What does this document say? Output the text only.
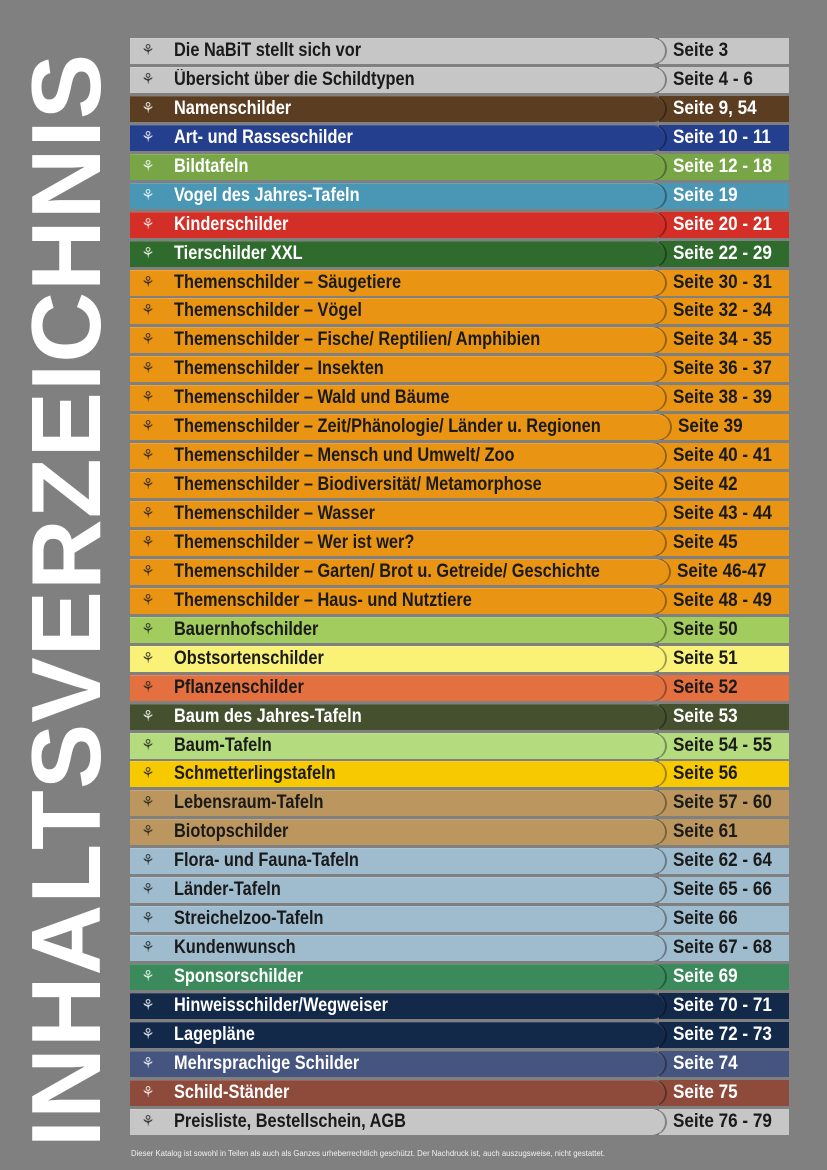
INHALTSVERZEICHNIS
⚘	Die NaBiT stellt sich vor	Seite 3
⚘	Übersicht über die Schildtypen	Seite 4 - 6
⚘	Namenschilder	Seite 9, 54
⚘	Art- und Rasseschilder	Seite 10 - 11
⚘	Bildtafeln	Seite 12 - 18
⚘	Vogel des Jahres-Tafeln	Seite 19
⚘	Kinderschilder	Seite 20 - 21
⚘	Tierschilder XXL	Seite 22 - 29
⚘	Themenschilder – Säugetiere	Seite 30 - 31
⚘	Themenschilder – Vögel	Seite 32 - 34
⚘	Themenschilder – Fische/ Reptilien/ Amphibien	Seite 34 - 35
⚘	Themenschilder – Insekten	Seite 36 - 37
⚘	Themenschilder – Wald und Bäume	Seite 38 - 39
⚘	Themenschilder – Zeit/Phänologie/ Länder u. Regionen	Seite 39
⚘	Themenschilder – Mensch und Umwelt/ Zoo	Seite 40 - 41
⚘	Themenschilder – Biodiversität/ Metamorphose	Seite 42
⚘	Themenschilder – Wasser	Seite 43 - 44
⚘	Themenschilder – Wer ist wer?	Seite 45
⚘	Themenschilder – Garten/ Brot u. Getreide/ Geschichte	Seite 46-47
⚘	Themenschilder – Haus- und Nutztiere	Seite 48 - 49
⚘	Bauernhofschilder	Seite 50
⚘	Obstsortenschilder	Seite 51
⚘	Pflanzenschilder	Seite 52
⚘	Baum des Jahres-Tafeln	Seite 53
⚘	Baum-Tafeln	Seite 54 - 55
⚘	Schmetterlingstafeln	Seite 56
⚘	Lebensraum-Tafeln	Seite 57 - 60
⚘	Biotopschilder	Seite 61
⚘	Flora- und Fauna-Tafeln	Seite 62 - 64
⚘	Länder-Tafeln	Seite 65 - 66
⚘	Streichelzoo-Tafeln	Seite 66
⚘	Kundenwunsch	Seite 67 - 68
⚘	Sponsorschilder	Seite 69
⚘	Hinweisschilder/Wegweiser	Seite 70 - 71
⚘	Lagepläne	Seite 72 - 73
⚘	Mehrsprachige Schilder	Seite 74
⚘	Schild-Ständer	Seite 75
⚘	Preisliste, Bestellschein, AGB	Seite 76 - 79
Dieser Katalog ist sowohl in Teilen als auch als Ganzes urheberrechtlich geschützt. Der Nachdruck ist, auch auszugsweise, nicht gestattet.
